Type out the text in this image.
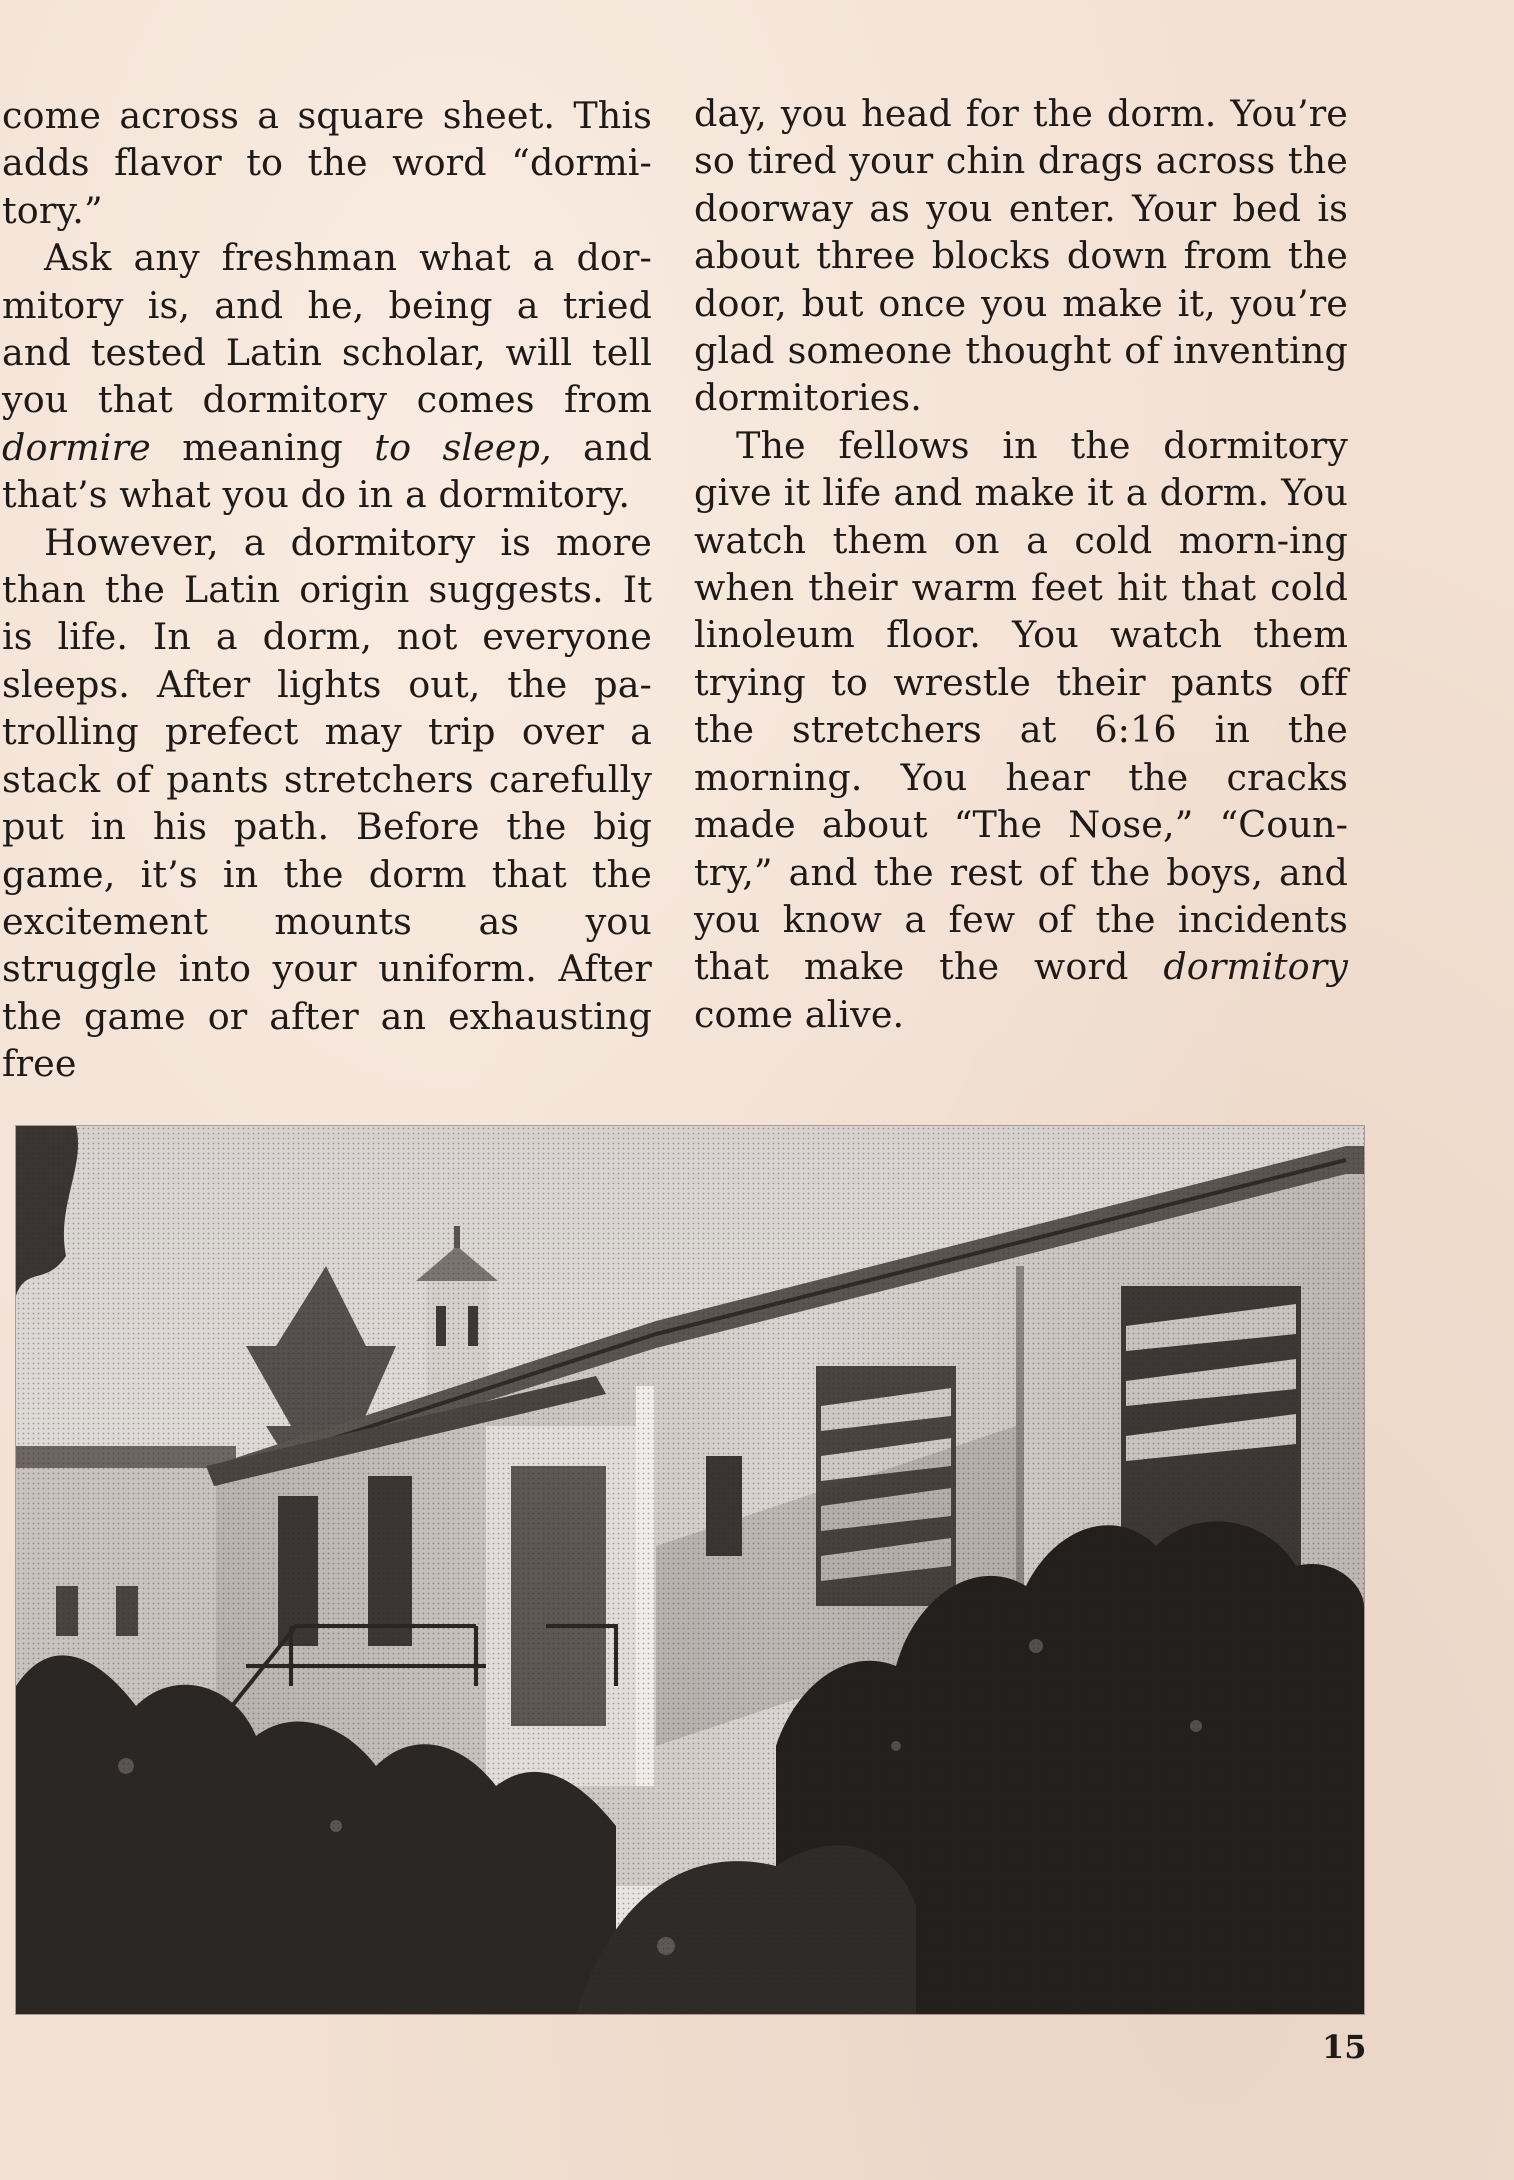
come across a square sheet. This adds flavor to the word “dormi-tory.”

Ask any freshman what a dor-mitory is, and he, being a tried and tested Latin scholar, will tell you that dormitory comes from dormire meaning to sleep, and that’s what you do in a dormitory.

However, a dormitory is more than the Latin origin suggests. It is life. In a dorm, not everyone sleeps. After lights out, the pa-trolling prefect may trip over a stack of pants stretchers carefully put in his path. Before the big game, it’s in the dorm that the excitement mounts as you struggle into your uniform. After the game or after an exhausting free

day, you head for the dorm. You’re so tired your chin drags across the doorway as you enter. Your bed is about three blocks down from the door, but once you make it, you’re glad someone thought of inventing dormitories.

The fellows in the dormitory give it life and make it a dorm. You watch them on a cold morn-ing when their warm feet hit that cold linoleum floor. You watch them trying to wrestle their pants off the stretchers at 6:16 in the morning. You hear the cracks made about “The Nose,” “Coun-try,” and the rest of the boys, and you know a few of the incidents that make the word dormitory come alive.

15
